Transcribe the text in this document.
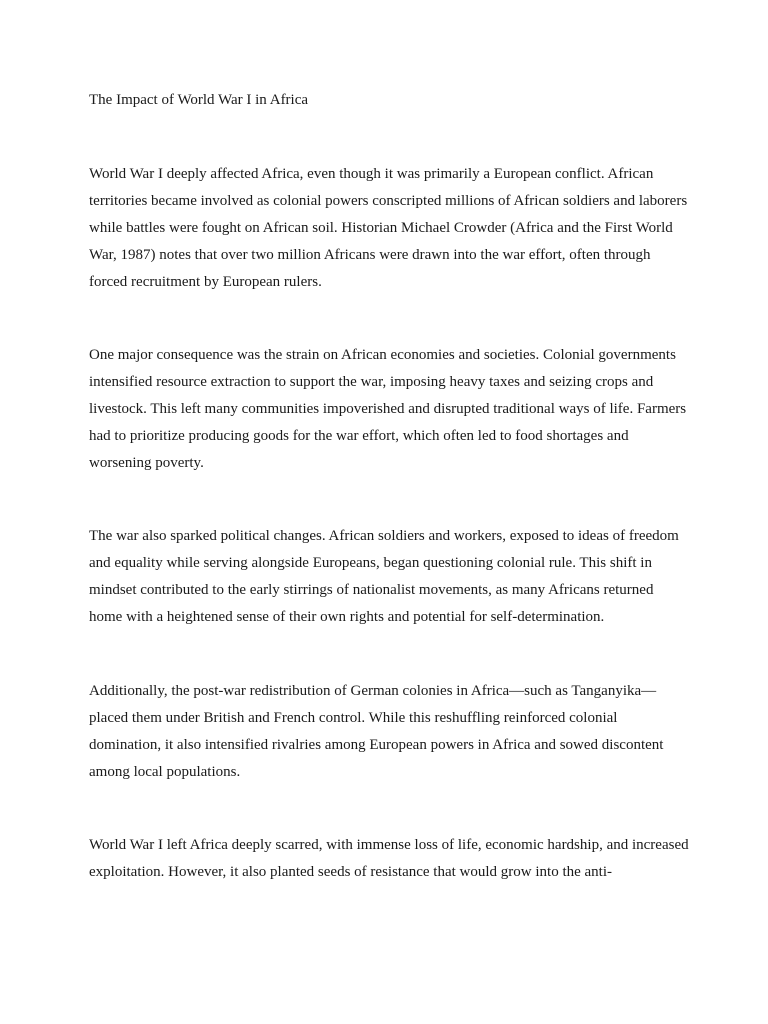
The Impact of World War I in Africa

World War I deeply affected Africa, even though it was primarily a European conflict. African territories became involved as colonial powers conscripted millions of African soldiers and laborers while battles were fought on African soil. Historian Michael Crowder (Africa and the First World War, 1987) notes that over two million Africans were drawn into the war effort, often through forced recruitment by European rulers.

One major consequence was the strain on African economies and societies. Colonial governments intensified resource extraction to support the war, imposing heavy taxes and seizing crops and livestock. This left many communities impoverished and disrupted traditional ways of life. Farmers had to prioritize producing goods for the war effort, which often led to food shortages and worsening poverty.

The war also sparked political changes. African soldiers and workers, exposed to ideas of freedom and equality while serving alongside Europeans, began questioning colonial rule. This shift in mindset contributed to the early stirrings of nationalist movements, as many Africans returned home with a heightened sense of their own rights and potential for self-determination.

Additionally, the post-war redistribution of German colonies in Africa—such as Tanganyika—placed them under British and French control. While this reshuffling reinforced colonial domination, it also intensified rivalries among European powers in Africa and sowed discontent among local populations.

World War I left Africa deeply scarred, with immense loss of life, economic hardship, and increased exploitation. However, it also planted seeds of resistance that would grow into the anti-
